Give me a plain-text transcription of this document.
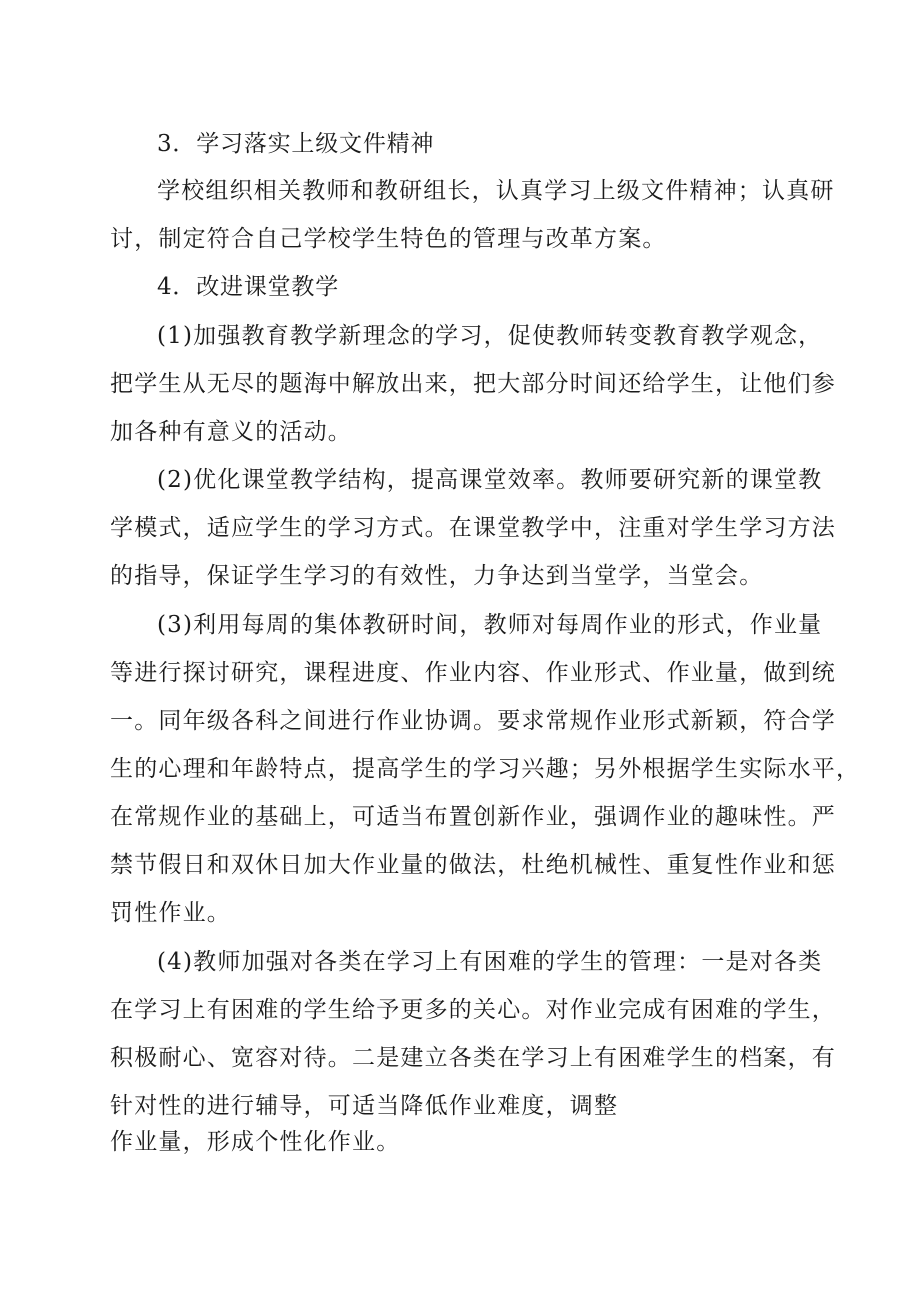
3．学习落实上级文件精神
学校组织相关教师和教研组长，认真学习上级文件精神；认真研
讨，制定符合自己学校学生特色的管理与改革方案。
4．改进课堂教学
(1)加强教育教学新理念的学习，促使教师转变教育教学观念，
把学生从无尽的题海中解放出来，把大部分时间还给学生，让他们参
加各种有意义的活动。
(2)优化课堂教学结构，提高课堂效率。教师要研究新的课堂教
学模式，适应学生的学习方式。在课堂教学中，注重对学生学习方法
的指导，保证学生学习的有效性，力争达到当堂学，当堂会。
(3)利用每周的集体教研时间，教师对每周作业的形式，作业量
等进行探讨研究，课程进度、作业内容、作业形式、作业量，做到统
一。同年级各科之间进行作业协调。要求常规作业形式新颖，符合学
生的心理和年龄特点，提高学生的学习兴趣；另外根据学生实际水平，
在常规作业的基础上，可适当布置创新作业，强调作业的趣味性。严
禁节假日和双休日加大作业量的做法，杜绝机械性、重复性作业和惩
罚性作业。
(4)教师加强对各类在学习上有困难的学生的管理：一是对各类
在学习上有困难的学生给予更多的关心。对作业完成有困难的学生，
积极耐心、宽容对待。二是建立各类在学习上有困难学生的档案，有
针对性的进行辅导，可适当降低作业难度，调整
作业量，形成个性化作业。
